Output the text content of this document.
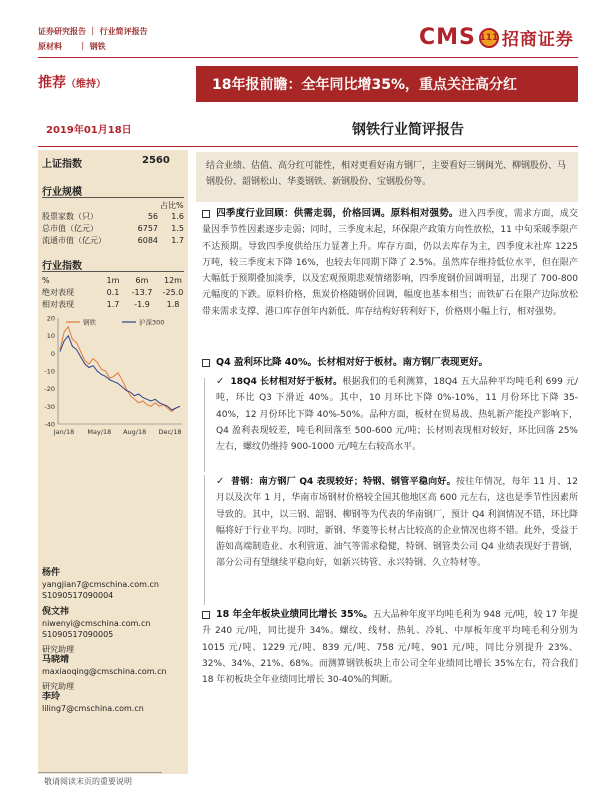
证券研究报告 ｜ 行业简评报告
原材料 ｜ 钢铁	CMS 111 招商证券
推荐（维持）	18年报前瞻：全年同比增35%，重点关注高分红
2019年01月18日	钢铁行业简评报告
上证指数	2560
行业规模
占比%
股票家数（只）	56	1.6
总市值（亿元）	6757	1.5
流通市值（亿元）	6084	1.7
行业指数
%	1m	6m	12m
绝对表现	0.1	-13.7	-25.0
相对表现	1.7	-1.9	1.8
20
10
0
-10
-20
-30
-40
Jan/18 May/18 Aug/18 Dec/18
钢铁	沪深300
杨件
yangjian7@cmschina.com.cn
S1090517090004
倪文祎
niwenyi@cmschina.com.cn
S1090517090005
研究助理
马晓靖
maxiaoqing@cmschina.com.cn
研究助理
李玲
liling7@cmschina.com.cn
结合业绩、估值、高分红可能性，相对更看好南方钢厂，主要看好三钢闽光、柳钢股份、马钢股份、韶钢松山、华菱钢铁、新钢股份、宝钢股份等。
四季度行业回顾：供需走弱，价格回调。原料相对强势。进入四季度，需求方面，成交量因季节性因素逐步走弱；同时，三季度末起，环保限产政策方向性放松，11 中旬采暖季限产不达预期。导致四季度供给压力显著上升。库存方面，仍以去库存为主，四季度末社库 1225 万吨，较三季度末下降 16%，也较去年同期下降了 2.5%。虽然库存维持低位水平，但在限产大幅低于预期叠加淡季，以及宏观预期悲观情绪影响，四季度钢价回调明显，出现了 700-800 元幅度的下跌。原料价格，焦炭价格随钢价回调，幅度也基本相当；而铁矿石在限产边际放松带来需求支撑、港口库存创年内新低、库存结构好转利好下，价格则小幅上行，相对强势。
Q4 盈利环比降 40%。长材相对好于板材。南方钢厂表现更好。
✓ 18Q4 长材相对好于板材。根据我们的毛利测算，18Q4 五大品种平均吨毛利 699 元/吨，环比 Q3 下滑近 40%。其中，10 月环比下降 0%-10%，11 月份环比下降 35-40%，12 月份环比下降 40%-50%。品种方面，板材在贸易战、热轧新产能投产影响下，Q4 盈利表现较差，吨毛利回落至 500-600 元/吨；长材则表现相对较好，环比回落 25%左右，螺纹仍维持 900-1000 元/吨左右较高水平。
✓ 普钢：南方钢厂 Q4 表现较好；特钢、钢管平稳向好。按往年情况，每年 11 月、12 月以及次年 1 月，华南市场钢材价格较全国其他地区高 600 元左右，这也是季节性因素所导致的。其中，以三钢、韶钢、柳钢等为代表的华南钢厂，预计 Q4 利润情况不错，环比降幅将好于行业平均。同时，新钢、华菱等长材占比较高的企业情况也将不错。此外，受益于游如高端制造业、水利管道、油气等需求稳健，特钢、钢管类公司 Q4 业绩表现好于普钢，部分公司有望继续平稳向好，如新兴铸管、永兴特钢、久立特材等。
18 年全年板块业绩同比增长 35%。五大品种年度平均吨毛利为 948 元/吨，较 17 年提升 240 元/吨，同比提升 34%。螺纹、线材、热轧、冷轧、中厚板年度平均吨毛利分别为 1015 元/吨、1229 元/吨、839 元/吨、758 元/吨、901 元/吨，同比分别提升 23%、32%、34%、21%、68%。而测算钢铁板块上市公司全年业绩同比增长 35%左右，符合我们 18 年初板块全年业绩同比增长 30-40%的判断。
敬请阅读末页的重要说明
